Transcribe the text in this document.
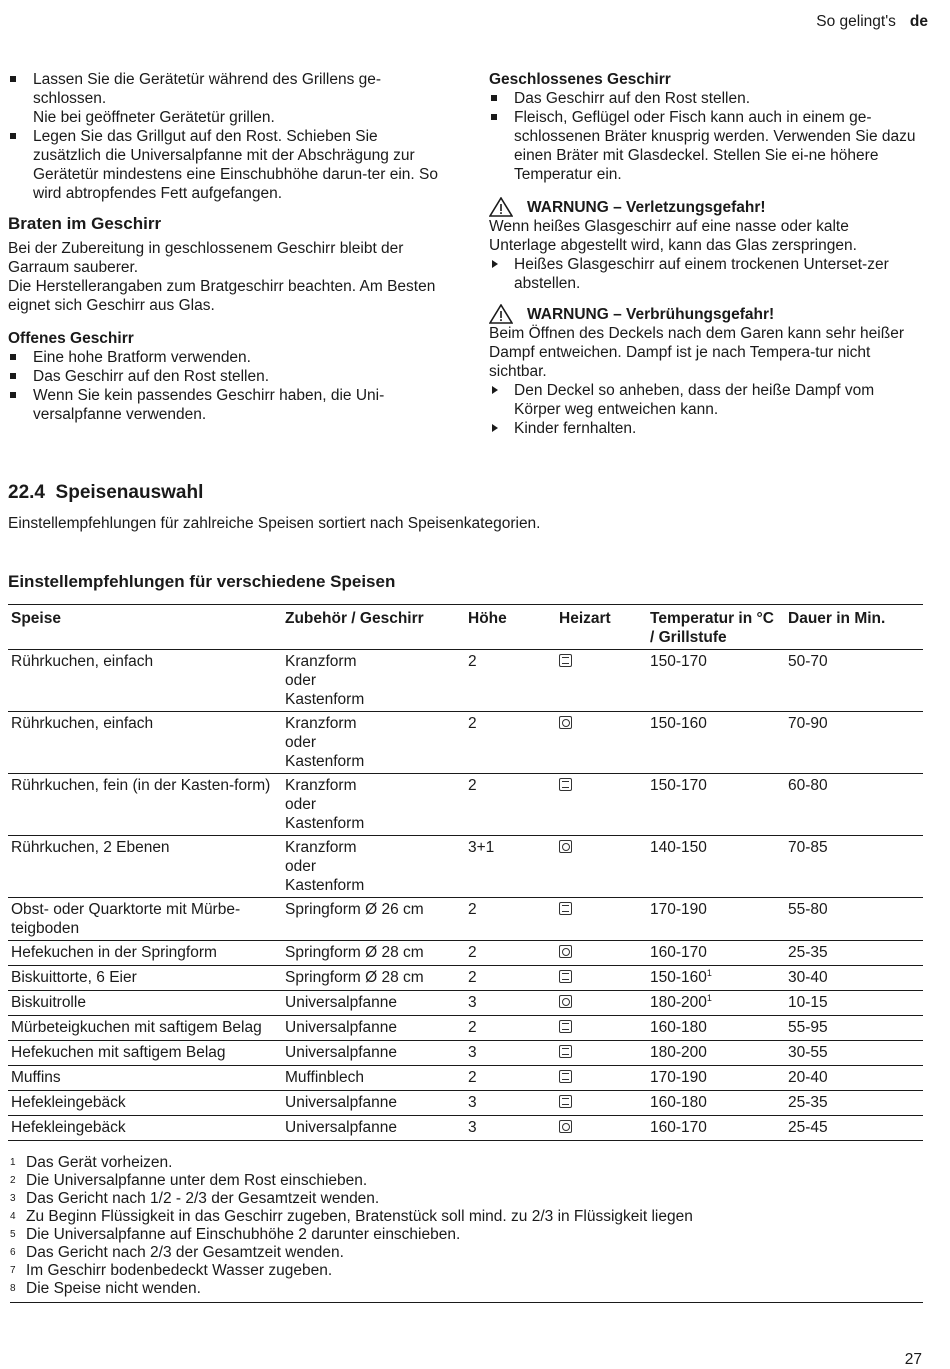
So gelingt's de
Lassen Sie die Gerätetür während des Grillens ge-
schlossen.
Nie bei geöffneter Gerätetür grillen.
Legen Sie das Grillgut auf den Rost. Schieben Sie zusätzlich die Universalpfanne mit der Abschrägung zur Gerätetür mindestens eine Einschubhöhe darun-ter ein. So wird abtropfendes Fett aufgefangen.
Braten im Geschirr
Bei der Zubereitung in geschlossenem Geschirr bleibt der Garraum sauberer.
Die Herstellerangaben zum Bratgeschirr beachten. Am Besten eignet sich Geschirr aus Glas.
Offenes Geschirr
Eine hohe Bratform verwenden.
Das Geschirr auf den Rost stellen.
Wenn Sie kein passendes Geschirr haben, die Uni-versalpfanne verwenden.
Geschlossenes Geschirr
Das Geschirr auf den Rost stellen.
Fleisch, Geflügel oder Fisch kann auch in einem ge-schlossenen Bräter knusprig werden. Verwenden Sie dazu einen Bräter mit Glasdeckel. Stellen Sie ei-ne höhere Temperatur ein.
WARNUNG – Verletzungsgefahr!
Wenn heißes Glasgeschirr auf eine nasse oder kalte Unterlage abgestellt wird, kann das Glas zerspringen.
Heißes Glasgeschirr auf einem trockenen Unterset-zer abstellen.
WARNUNG – Verbrühungsgefahr!
Beim Öffnen des Deckels nach dem Garen kann sehr heißer Dampf entweichen. Dampf ist je nach Tempera-tur nicht sichtbar.
Den Deckel so anheben, dass der heiße Dampf vom Körper weg entweichen kann.
Kinder fernhalten.
22.4 Speisenauswahl
Einstellempfehlungen für zahlreiche Speisen sortiert nach Speisenkategorien.
Einstellempfehlungen für verschiedene Speisen
Speise	Zubehör / Geschirr	Höhe	Heizart	Temperatur in °C / Grillstufe	Dauer in Min.
Rührkuchen, einfach	Kranzform
oder
Kastenform	2		150-170	50-70
Rührkuchen, einfach	Kranzform
oder
Kastenform	2		150-160	70-90
Rührkuchen, fein (in der Kasten-form)	Kranzform
oder
Kastenform	2		150-170	60-80
Rührkuchen, 2 Ebenen	Kranzform
oder
Kastenform	3+1		140-150	70-85
Obst- oder Quarktorte mit Mürbe-teigboden	Springform Ø 26 cm	2		170-190	55-80
Hefekuchen in der Springform	Springform Ø 28 cm	2		160-170	25-35
Biskuittorte, 6 Eier	Springform Ø 28 cm	2		$150-160^1$	30-40
Biskuitrolle	Universalpfanne	3		$180-200^1$	10-15
Mürbeteigkuchen mit saftigem Belag	Universalpfanne	2		160-180	55-95
Hefekuchen mit saftigem Belag	Universalpfanne	3		180-200	30-55
Muffins	Muffinblech	2		170-190	20-40
Hefekleingebäck	Universalpfanne	3		160-180	25-35
Hefekleingebäck	Universalpfanne	3		160-170	25-45
1 Das Gerät vorheizen.
2 Die Universalpfanne unter dem Rost einschieben.
3 Das Gericht nach 1/2 - 2/3 der Gesamtzeit wenden.
4 Zu Beginn Flüssigkeit in das Geschirr zugeben, Bratenstück soll mind. zu 2/3 in Flüssigkeit liegen
5 Die Universalpfanne auf Einschubhöhe 2 darunter einschieben.
6 Das Gericht nach 2/3 der Gesamtzeit wenden.
7 Im Geschirr bodenbedeckt Wasser zugeben.
8 Die Speise nicht wenden.
27
